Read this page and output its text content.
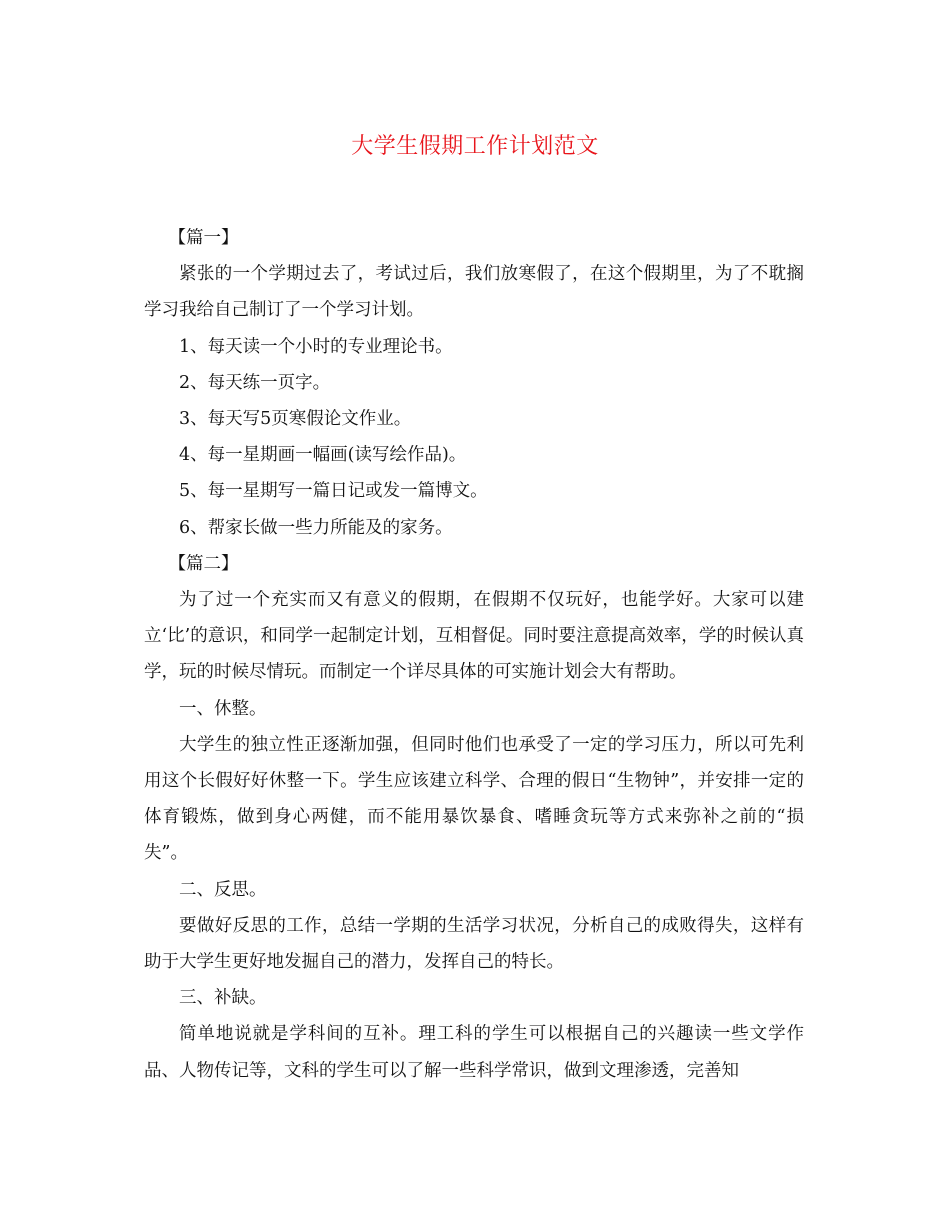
大学生假期工作计划范文

【篇一】

紧张的一个学期过去了，考试过后，我们放寒假了，在这个假期里，为了不耽搁学习我给自己制订了一个学习计划。

1、每天读一个小时的专业理论书。

2、每天练一页字。

3、每天写5页寒假论文作业。

4、每一星期画一幅画(读写绘作品)。

5、每一星期写一篇日记或发一篇博文。

6、帮家长做一些力所能及的家务。

【篇二】

为了过一个充实而又有意义的假期，在假期不仅玩好，也能学好。大家可以建立‘比’的意识，和同学一起制定计划，互相督促。同时要注意提高效率，学的时候认真学，玩的时候尽情玩。而制定一个详尽具体的可实施计划会大有帮助。

一、休整。

大学生的独立性正逐渐加强，但同时他们也承受了一定的学习压力，所以可先利用这个长假好好休整一下。学生应该建立科学、合理的假日“生物钟”，并安排一定的体育锻炼，做到身心两健，而不能用暴饮暴食、嗜睡贪玩等方式来弥补之前的“损失”。

二、反思。

要做好反思的工作，总结一学期的生活学习状况，分析自己的成败得失，这样有助于大学生更好地发掘自己的潜力，发挥自己的特长。

三、补缺。

简单地说就是学科间的互补。理工科的学生可以根据自己的兴趣读一些文学作品、人物传记等，文科的学生可以了解一些科学常识，做到文理渗透，完善知
